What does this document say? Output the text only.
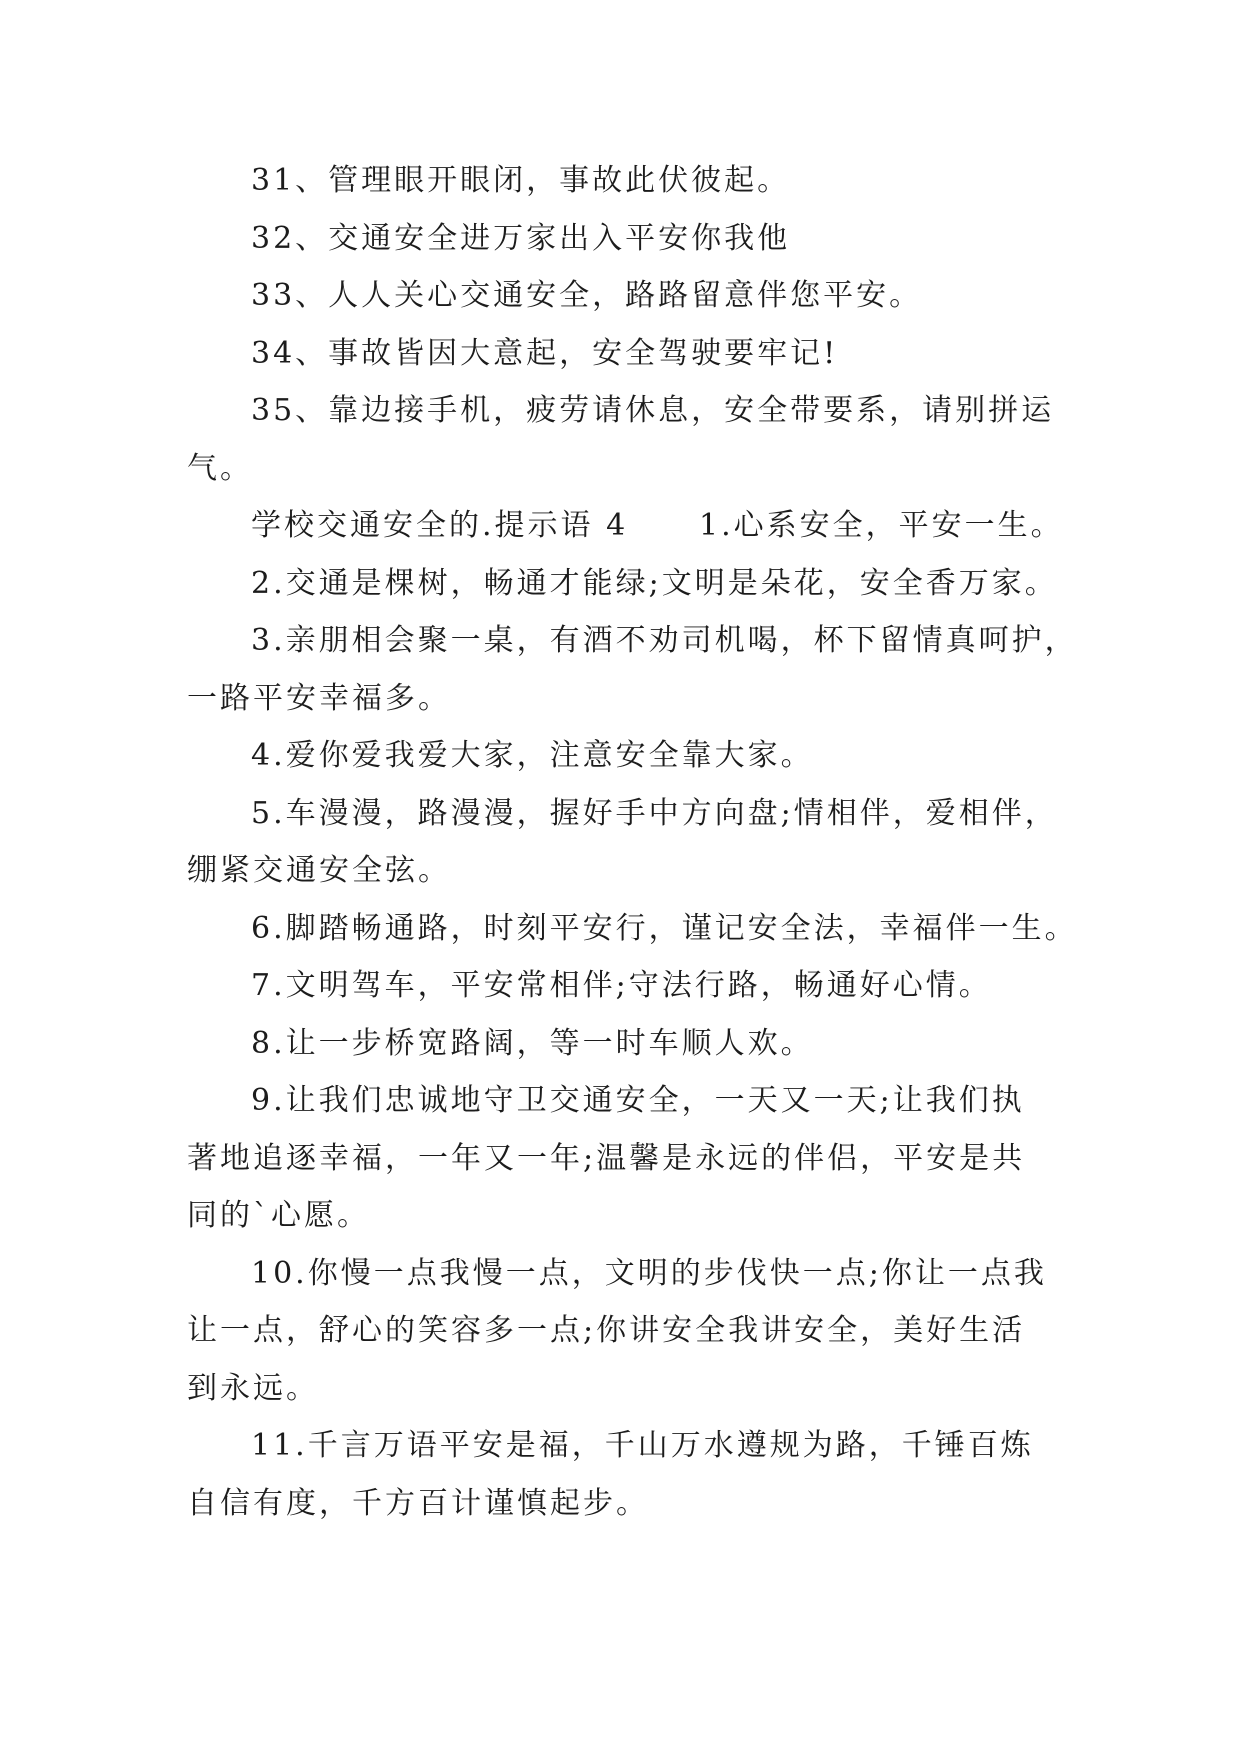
31、管理眼开眼闭，事故此伏彼起。
32、交通安全进万家出入平安你我他
33、人人关心交通安全，路路留意伴您平安。
34、事故皆因大意起，安全驾驶要牢记!
35、靠边接手机，疲劳请休息，安全带要系，请别拼运
气。
学校交通安全的.提示语 4 1.心系安全，平安一生。
2.交通是棵树，畅通才能绿;文明是朵花，安全香万家。
3.亲朋相会聚一桌，有酒不劝司机喝，杯下留情真呵护，
一路平安幸福多。
4.爱你爱我爱大家，注意安全靠大家。
5.车漫漫，路漫漫，握好手中方向盘;情相伴，爱相伴，
绷紧交通安全弦。
6.脚踏畅通路，时刻平安行，谨记安全法，幸福伴一生。
7.文明驾车，平安常相伴;守法行路，畅通好心情。
8.让一步桥宽路阔，等一时车顺人欢。
9.让我们忠诚地守卫交通安全，一天又一天;让我们执
著地追逐幸福，一年又一年;温馨是永远的伴侣，平安是共
同的`心愿。
10.你慢一点我慢一点，文明的步伐快一点;你让一点我
让一点，舒心的笑容多一点;你讲安全我讲安全，美好生活
到永远。
11.千言万语平安是福，千山万水遵规为路，千锤百炼
自信有度，千方百计谨慎起步。
